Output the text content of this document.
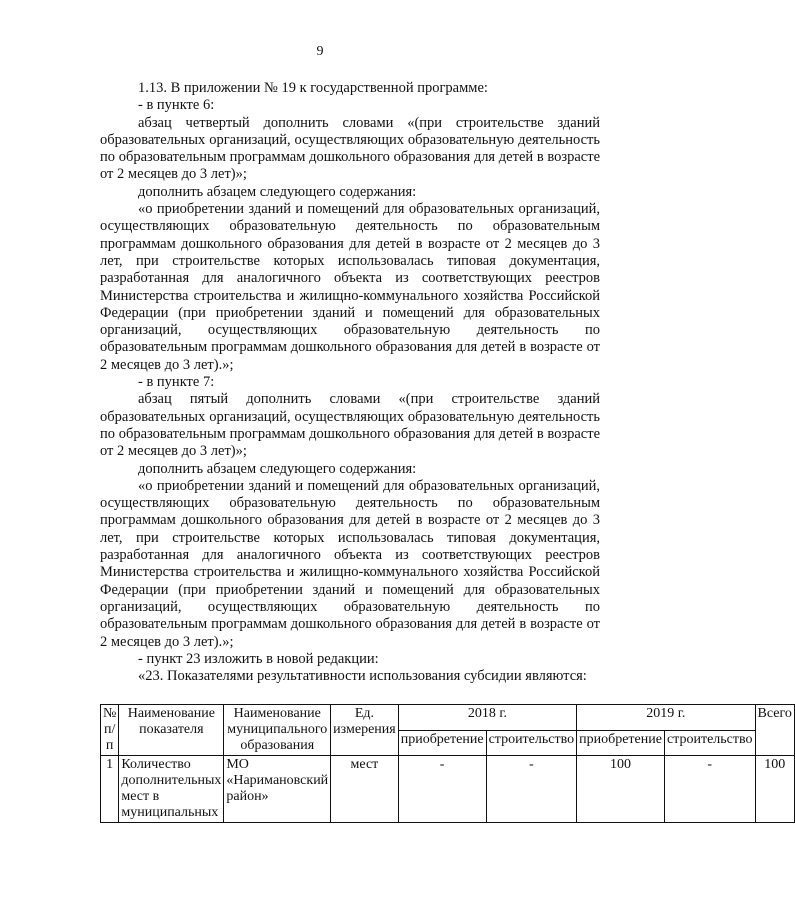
9

1.13. В приложении № 19 к государственной программе:

- в пункте 6:

абзац четвертый дополнить словами «(при строительстве зданий образовательных организаций, осуществляющих образовательную деятельность по образовательным программам дошкольного образования для детей в возрасте от 2 месяцев до 3 лет)»;

дополнить абзацем следующего содержания:

«о приобретении зданий и помещений для образовательных организаций, осуществляющих образовательную деятельность по образовательным программам дошкольного образования для детей в возрасте от 2 месяцев до 3 лет, при строительстве которых использовалась типовая документация, разработанная для аналогичного объекта из соответствующих реестров Министерства строительства и жилищно-коммунального хозяйства Российской Федерации (при приобретении зданий и помещений для образовательных организаций, осуществляющих образовательную деятельность по образовательным программам дошкольного образования для детей в возрасте от 2 месяцев до 3 лет).»;

- в пункте 7:

абзац пятый дополнить словами «(при строительстве зданий образовательных организаций, осуществляющих образовательную деятельность по образовательным программам дошкольного образования для детей в возрасте от 2 месяцев до 3 лет)»;

дополнить абзацем следующего содержания:

«о приобретении зданий и помещений для образовательных организаций, осуществляющих образовательную деятельность по образовательным программам дошкольного образования для детей в возрасте от 2 месяцев до 3 лет, при строительстве которых использовалась типовая документация, разработанная для аналогичного объекта из соответствующих реестров Министерства строительства и жилищно-коммунального хозяйства Российской Федерации (при приобретении зданий и помещений для образовательных организаций, осуществляющих образовательную деятельность по образовательным программам дошкольного образования для детей в возрасте от 2 месяцев до 3 лет).»;

- пункт 23 изложить в новой редакции:

«23. Показателями результативности использования субсидии являются:

№ п/п	Наименование показателя	Наименование муниципального образования	Ед. измерения	2018 г.		2019 г.		Всего
				приобретение	строительство	приобретение	строительство	
1	Количество дополнительных мест в муниципальных	МО «Наримановский район»	мест	-	-	100	-	100
